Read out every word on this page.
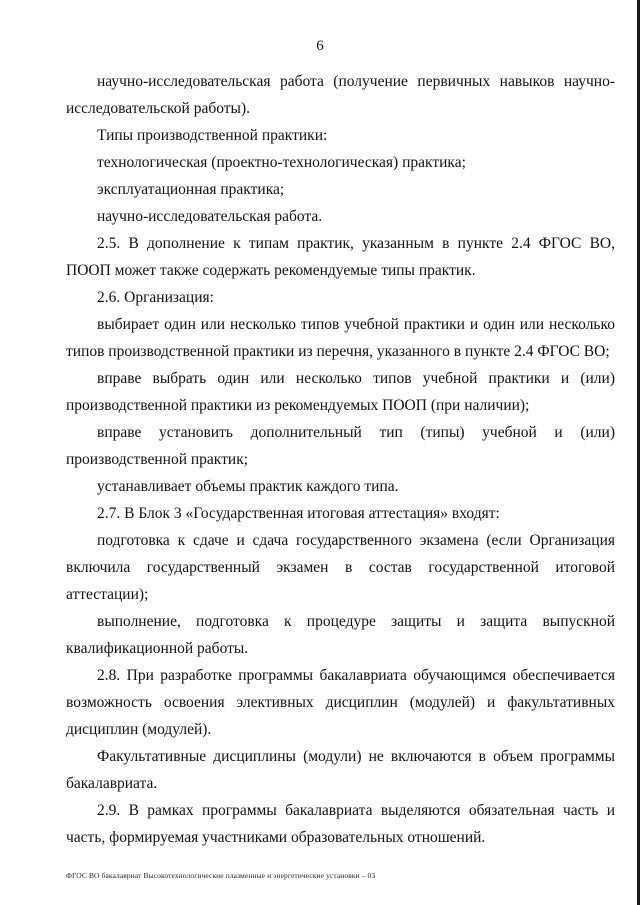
6

научно-исследовательская работа (получение первичных навыков научно-исследовательской работы).

Типы производственной практики:

технологическая (проектно-технологическая) практика;

эксплуатационная практика;

научно-исследовательская работа.

2.5. В дополнение к типам практик, указанным в пункте 2.4 ФГОС ВО, ПООП может также содержать рекомендуемые типы практик.

2.6. Организация:

выбирает один или несколько типов учебной практики и один или несколько типов производственной практики из перечня, указанного в пункте 2.4 ФГОС ВО;

вправе выбрать один или несколько типов учебной практики и (или) производственной практики из рекомендуемых ПООП (при наличии);

вправе установить дополнительный тип (типы) учебной и (или) производственной практик;

устанавливает объемы практик каждого типа.

2.7. В Блок 3 «Государственная итоговая аттестация» входят:

подготовка к сдаче и сдача государственного экзамена (если Организация включила государственный экзамен в состав государственной итоговой аттестации);

выполнение, подготовка к процедуре защиты и защита выпускной квалификационной работы.

2.8. При разработке программы бакалавриата обучающимся обеспечивается возможность освоения элективных дисциплин (модулей) и факультативных дисциплин (модулей).

Факультативные дисциплины (модули) не включаются в объем программы бакалавриата.

2.9. В рамках программы бакалавриата выделяются обязательная часть и часть, формируемая участниками образовательных отношений.

ФГОС ВО бакалавриат Высокотехнологические плазменные и энергетические установки – 03
